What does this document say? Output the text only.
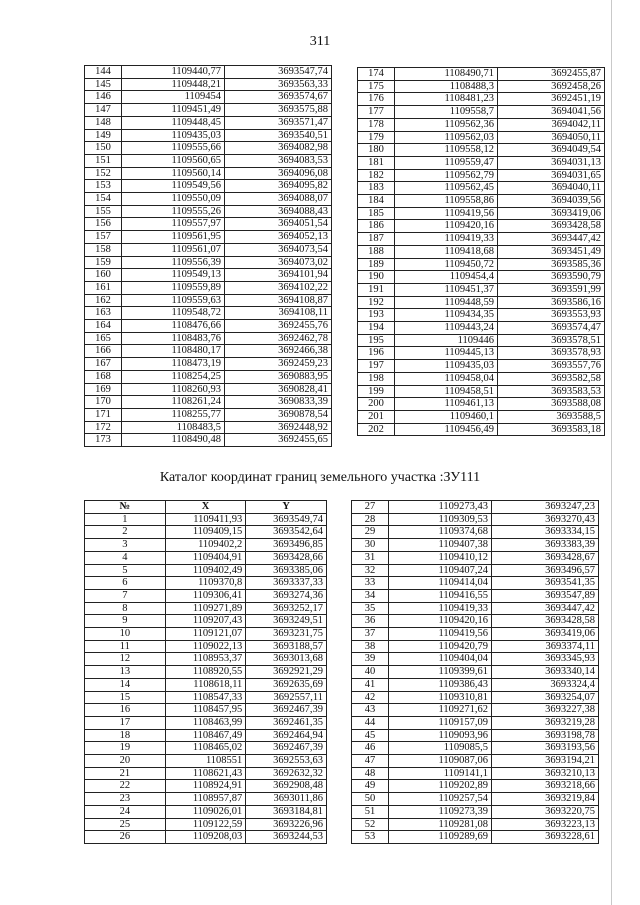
311
144	1109440,77	3693547,74
145	1109448,21	3693563,33
146	1109454	3693574,67
147	1109451,49	3693575,88
148	1109448,45	3693571,47
149	1109435,03	3693540,51
150	1109555,66	3694082,98
151	1109560,65	3694083,53
152	1109560,14	3694096,08
153	1109549,56	3694095,82
154	1109550,09	3694088,07
155	1109555,26	3694088,43
156	1109557,97	3694051,54
157	1109561,95	3694052,13
158	1109561,07	3694073,54
159	1109556,39	3694073,02
160	1109549,13	3694101,94
161	1109559,89	3694102,22
162	1109559,63	3694108,87
163	1109548,72	3694108,11
164	1108476,66	3692455,76
165	1108483,76	3692462,78
166	1108480,17	3692466,38
167	1108473,19	3692459,23
168	1108254,25	3690883,95
169	1108260,93	3690828,41
170	1108261,24	3690833,39
171	1108255,77	3690878,54
172	1108483,5	3692448,92
173	1108490,48	3692455,65
174	1108490,71	3692455,87
175	1108488,3	3692458,26
176	1108481,23	3692451,19
177	1109558,7	3694041,56
178	1109562,36	3694042,11
179	1109562,03	3694050,11
180	1109558,12	3694049,54
181	1109559,47	3694031,13
182	1109562,79	3694031,65
183	1109562,45	3694040,11
184	1109558,86	3694039,56
185	1109419,56	3693419,06
186	1109420,16	3693428,58
187	1109419,33	3693447,42
188	1109418,68	3693451,49
189	1109450,72	3693585,36
190	1109454,4	3693590,79
191	1109451,37	3693591,99
192	1109448,59	3693586,16
193	1109434,35	3693553,93
194	1109443,24	3693574,47
195	1109446	3693578,51
196	1109445,13	3693578,93
197	1109435,03	3693557,76
198	1109458,04	3693582,58
199	1109458,51	3693583,53
200	1109461,13	3693588,08
201	1109460,1	3693588,5
202	1109456,49	3693583,18
Каталог координат границ земельного участка :ЗУ111
№	X	Y
1	1109411,93	3693549,74
2	1109409,15	3693542,64
3	1109402,2	3693496,85
4	1109404,91	3693428,66
5	1109402,49	3693385,06
6	1109370,8	3693337,33
7	1109306,41	3693274,36
8	1109271,89	3693252,17
9	1109207,43	3693249,51
10	1109121,07	3693231,75
11	1109022,13	3693188,57
12	1108953,37	3693013,68
13	1108920,55	3692921,29
14	1108618,11	3692635,69
15	1108547,33	3692557,11
16	1108457,95	3692467,39
17	1108463,99	3692461,35
18	1108467,49	3692464,94
19	1108465,02	3692467,39
20	1108551	3692553,63
21	1108621,43	3692632,32
22	1108924,91	3692908,48
23	1108957,87	3693011,86
24	1109026,01	3693184,81
25	1109122,59	3693226,96
26	1109208,03	3693244,53
27	1109273,43	3693247,23
28	1109309,53	3693270,43
29	1109374,68	3693334,15
30	1109407,38	3693383,39
31	1109410,12	3693428,67
32	1109407,24	3693496,57
33	1109414,04	3693541,35
34	1109416,55	3693547,89
35	1109419,33	3693447,42
36	1109420,16	3693428,58
37	1109419,56	3693419,06
38	1109420,79	3693374,11
39	1109404,04	3693345,93
40	1109399,61	3693340,14
41	1109386,43	3693324,4
42	1109310,81	3693254,07
43	1109271,62	3693227,38
44	1109157,09	3693219,28
45	1109093,96	3693198,78
46	1109085,5	3693193,56
47	1109087,06	3693194,21
48	1109141,1	3693210,13
49	1109202,89	3693218,66
50	1109257,54	3693219,84
51	1109273,39	3693220,75
52	1109281,08	3693223,13
53	1109289,69	3693228,61
